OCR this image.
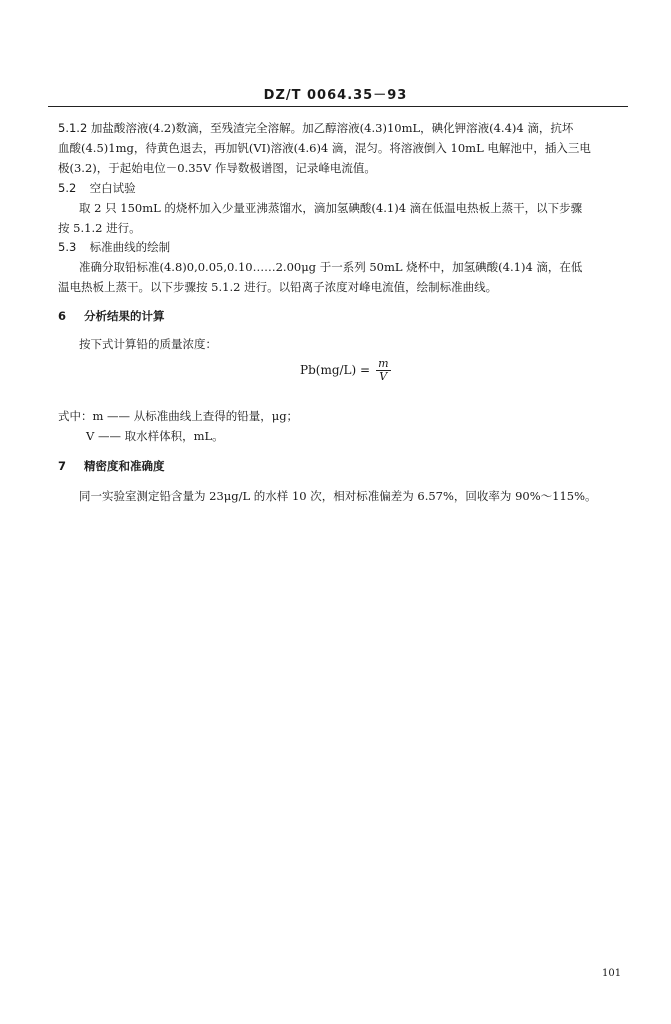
DZ/T 0064.35－93
5.1.2 加盐酸溶液(4.2)数滴，至残渣完全溶解。加乙醇溶液(4.3)10mL，碘化钾溶液(4.4)4 滴，抗坏
血酸(4.5)1mg，待黄色退去，再加钒(VI)溶液(4.6)4 滴，混匀。将溶液倒入 10mL 电解池中，插入三电
极(3.2)，于起始电位－0.35V 作导数极谱图，记录峰电流值。
5.2 空白试验
取 2 只 150mL 的烧杯加入少量亚沸蒸馏水，滴加氢碘酸(4.1)4 滴在低温电热板上蒸干，以下步骤
按 5.1.2 进行。
5.3 标准曲线的绘制
准确分取铅标准(4.8)0,0.05,0.10……2.00μg 于一系列 50mL 烧杯中，加氢碘酸(4.1)4 滴，在低
温电热板上蒸干。以下步骤按 5.1.2 进行。以铅离子浓度对峰电流值，绘制标准曲线。
6 分析结果的计算
按下式计算铅的质量浓度：
$Pb(mg/L) = \frac{m}{V}$
式中：m —— 从标准曲线上查得的铅量，μg；
V —— 取水样体积，mL。
7 精密度和准确度
同一实验室测定铅含量为 23μg/L 的水样 10 次，相对标准偏差为 6.57%，回收率为 90%～115%。
101
